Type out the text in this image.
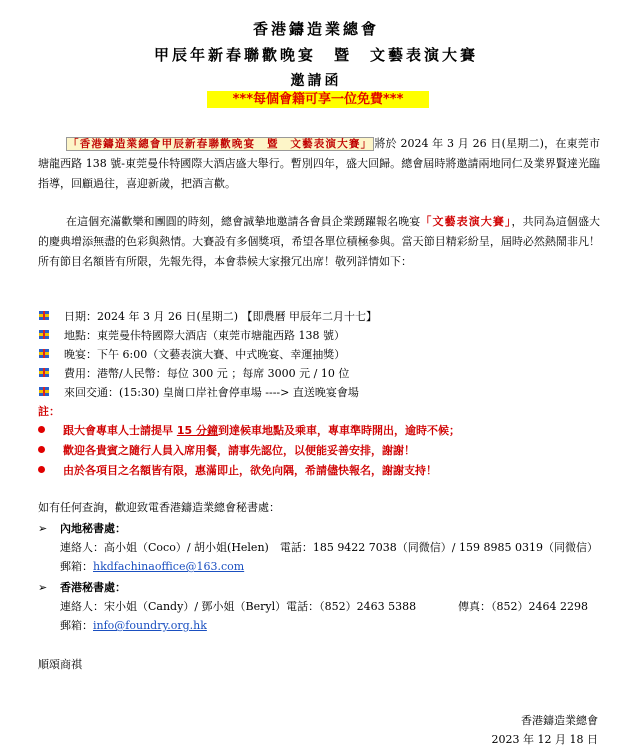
香港鑄造業總會
甲辰年新春聯歡晚宴　暨　文藝表演大賽
邀請函
***每個會籍可享一位免費***
「香港鑄造業總會甲辰新春聯歡晚宴　暨　文藝表演大賽」 將於 2024 年 3 月 26 日(星期二)，在東莞市塘龍西路 138 號-東莞曼佧特國際大酒店盛大舉行。暫別四年，盛大回歸。總會屆時將邀請兩地同仁及業界賢達光臨指導，回顧過往，喜迎新歲，把酒言歡。
在這個充滿歡樂和團圓的時刻，總會誠摯地邀請各會員企業踴躍報名晚宴「文藝表演大賽」，共同為這個盛大的慶典增添無盡的色彩與熱情。大賽設有多個獎項，希望各單位積極參與。當天節目精彩紛呈，屆時必然熱鬧非凡！所有節目名額皆有所限，先報先得，本會恭候大家撥冗出席！敬列詳情如下：
日期：2024 年 3 月 26 日(星期二) 【即農曆 甲辰年二月十七】
地點：東莞曼佧特國際大酒店（東莞市塘龍西路 138 號）
晚宴：下午 6:00（文藝表演大賽、中式晚宴、幸運抽獎）
費用：港幣/人民幣：每位 300 元 ；每席 3000 元 / 10 位
來回交通：(15:30) 皇崗口岸社會停車場 ----> 直送晚宴會場
註：
跟大會專車人士請提早 15 分鐘到達候車地點及乘車，專車準時開出，逾時不候；
歡迎各貴賓之隨行人員入席用餐，請事先認位，以便能妥善安排，謝謝！
由於各項目之名額皆有限，惠滿即止，欲免向隅，希請儘快報名，謝謝支持！
如有任何查詢，歡迎致電香港鑄造業總會秘書處：
➢ 內地秘書處：
連絡人：高小姐（Coco）/ 胡小姐(Helen)　電話：185 9422 7038（同微信）/ 159 8985 0319（同微信）
郵箱：hkdfachinaoffice@163.com
➢ 香港秘書處：
連絡人：宋小姐（Candy）/ 鄧小姐（Beryl）電話：（852）2463 5388	傳真：（852）2464 2298
郵箱：info@foundry.org.hk
順頌商祺
香港鑄造業總會
2023 年 12 月 18 日
